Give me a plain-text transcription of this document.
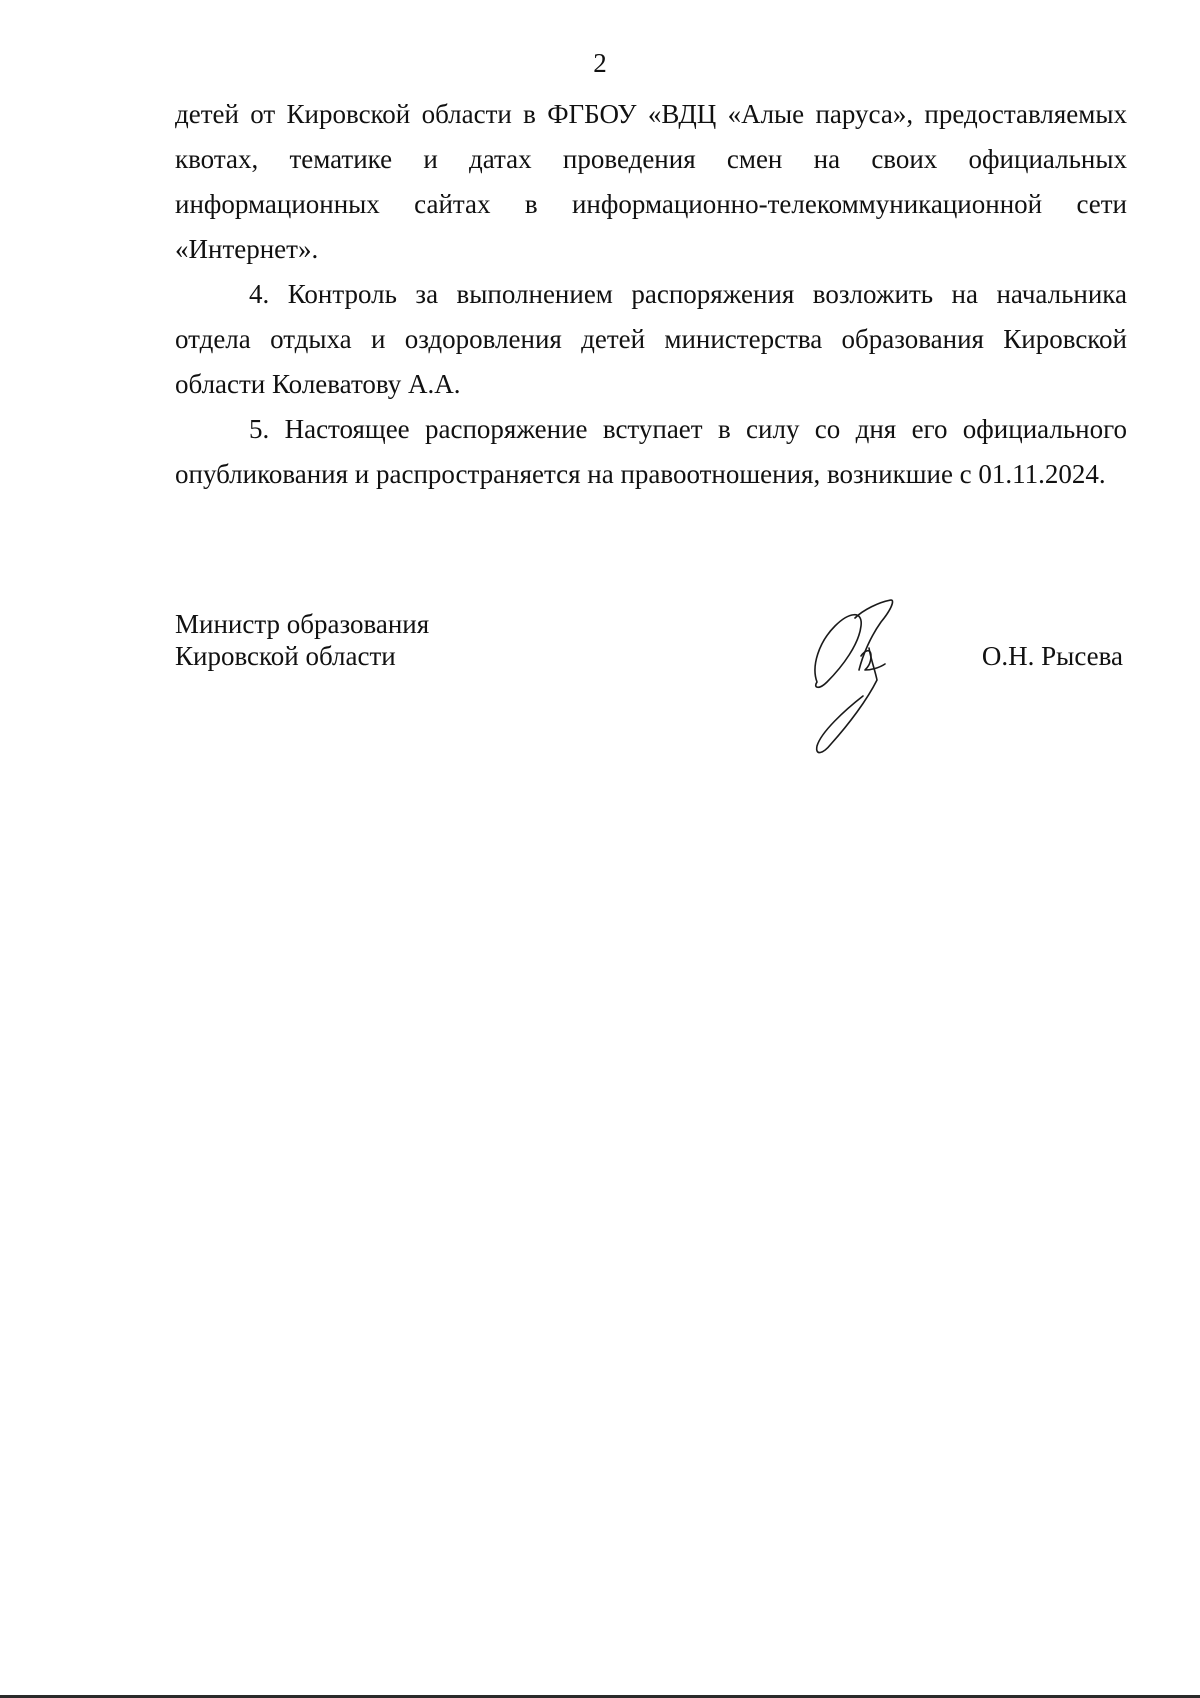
2

детей от Кировской области в ФГБОУ «ВДЦ «Алые паруса», предоставляемых квотах, тематике и датах проведения смен на своих официальных информационных сайтах в информационно-телекоммуникационной сети «Интернет».

4. Контроль за выполнением распоряжения возложить на начальника отдела отдыха и оздоровления детей министерства образования Кировской области Колеватову А.А.

5. Настоящее распоряжение вступает в силу со дня его официального опубликования и распространяется на правоотношения, возникшие с 01.11.2024.

Министр образования
Кировской области	О.Н. Рысева
